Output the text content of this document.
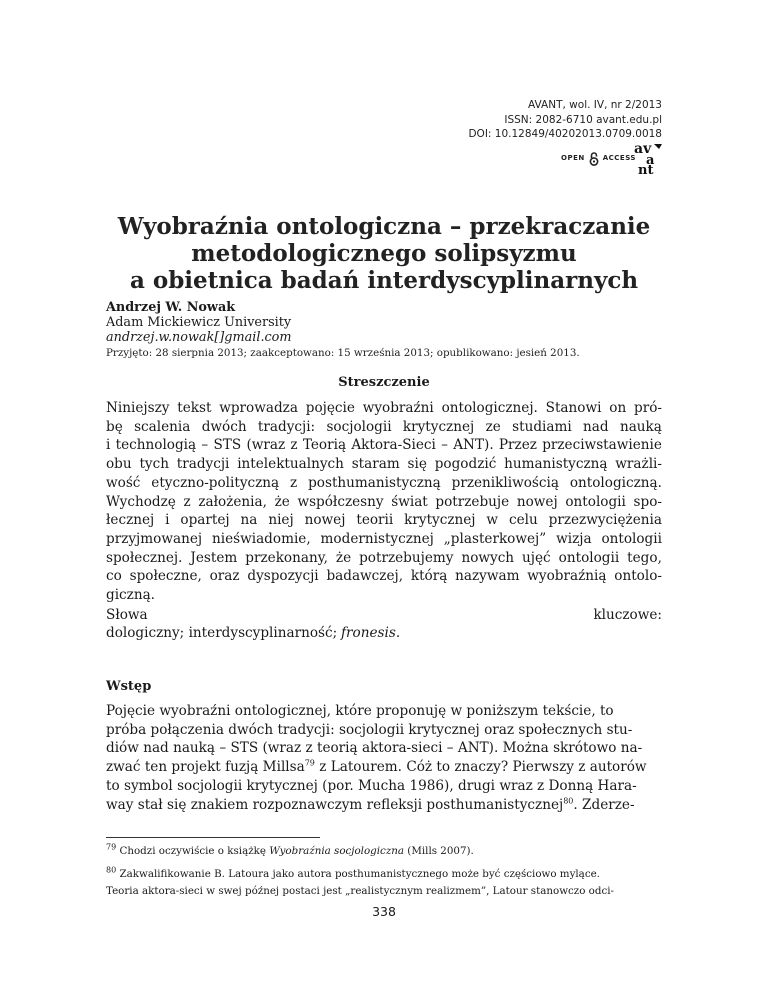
AVANT, wol. IV, nr 2/2013
ISSN: 2082-6710 avant.edu.pl
DOI: 10.12849/40202013.0709.0018
OPEN	ACCESS
av
a
nt
Wyobraźnia ontologiczna – przekraczanie
metodologicznego solipsyzmu
a obietnica badań interdyscyplinarnych
Andrzej W. Nowak
Adam Mickiewicz University
andrzej.w.nowak[]gmail.com
Przyjęto: 28 sierpnia 2013; zaakceptowano: 15 września 2013; opublikowano: jesień 2013.
Streszczenie
Niniejszy tekst wprowadza pojęcie wyobraźni ontologicznej. Stanowi on pró-
bę scalenia dwóch tradycji: socjologii krytycznej ze studiami nad nauką
i technologią – STS (wraz z Teorią Aktora-Sieci – ANT). Przez przeciwstawienie
obu tych tradycji intelektualnych staram się pogodzić humanistyczną wrażli-
wość etyczno-polityczną z posthumanistyczną przenikliwością ontologiczną.
Wychodzę z założenia, że współczesny świat potrzebuje nowej ontologii spo-
łecznej i opartej na niej nowej teorii krytycznej w celu przezwyciężenia
przyjmowanej nieświadomie, modernistycznej „plasterkowej” wizja ontologii
społecznej. Jestem przekonany, że potrzebujemy nowych ujęć ontologii tego,
co społeczne, oraz dyspozycji badawczej, którą nazywam wyobraźnią ontolo-
giczną.
Słowa	kluczowe:
dologiczny; interdyscyplinarność; fronesis .
Wstęp
Pojęcie wyobraźni ontologicznej, które proponuję w poniższym tekście, to
próba połączenia dwóch tradycji: socjologii krytycznej oraz społecznych stu-
diów nad nauką – STS (wraz z teorią aktora-sieci – ANT). Można skrótowo na-
zwać ten projekt fuzją Millsa$^{79}$ z Latourem. Cóż to znaczy? Pierwszy z autorów
to symbol socjologii krytycznej (por. Mucha 1986), drugi wraz z Donną Hara-
way stał się znakiem rozpoznawczym refleksji posthumanistycznej$^{80}$. Zderze-
$^{79}$ Chodzi oczywiście o książkę Wyobraźnia socjologiczna (Mills 2007).
$^{80}$ Zakwalifikowanie B. Latoura jako autora posthumanistycznego może być częściowo mylące.
Teoria aktora-sieci w swej późnej postaci jest „realistycznym realizmem”, Latour stanowczo odci-
338
